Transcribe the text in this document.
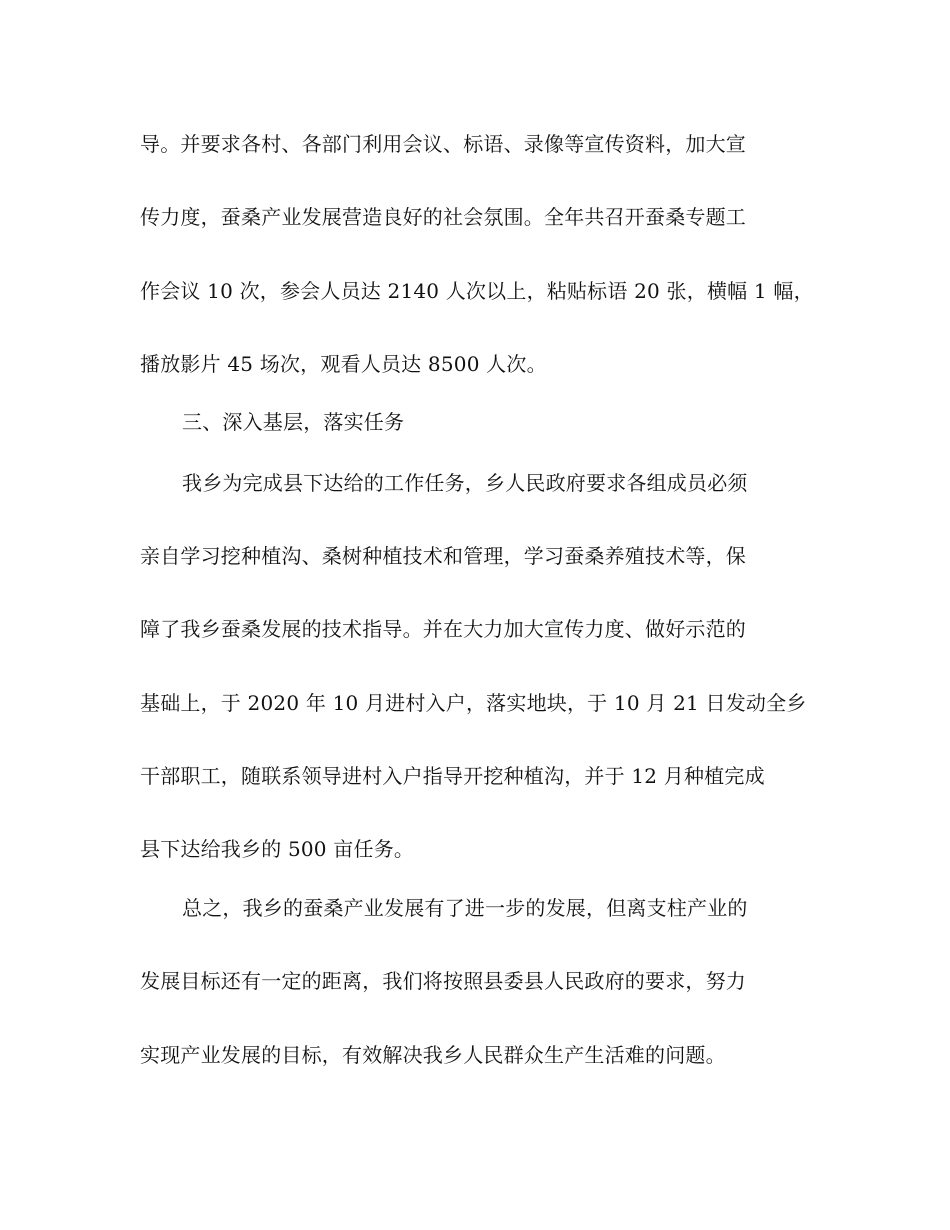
导。并要求各村、各部门利用会议、标语、录像等宣传资料，加大宣
传力度，蚕桑产业发展营造良好的社会氛围。全年共召开蚕桑专题工
作会议 10 次，参会人员达 2140 人次以上，粘贴标语 20 张，横幅 1 幅，
播放影片 45 场次，观看人员达 8500 人次。
三、深入基层，落实任务
我乡为完成县下达给的工作任务，乡人民政府要求各组成员必须
亲自学习挖种植沟、桑树种植技术和管理，学习蚕桑养殖技术等，保
障了我乡蚕桑发展的技术指导。并在大力加大宣传力度、做好示范的
基础上，于 2020 年 10 月进村入户，落实地块，于 10 月 21 日发动全乡
干部职工，随联系领导进村入户指导开挖种植沟，并于 12 月种植完成
县下达给我乡的 500 亩任务。
总之，我乡的蚕桑产业发展有了进一步的发展，但离支柱产业的
发展目标还有一定的距离，我们将按照县委县人民政府的要求，努力
实现产业发展的目标，有效解决我乡人民群众生产生活难的问题。
